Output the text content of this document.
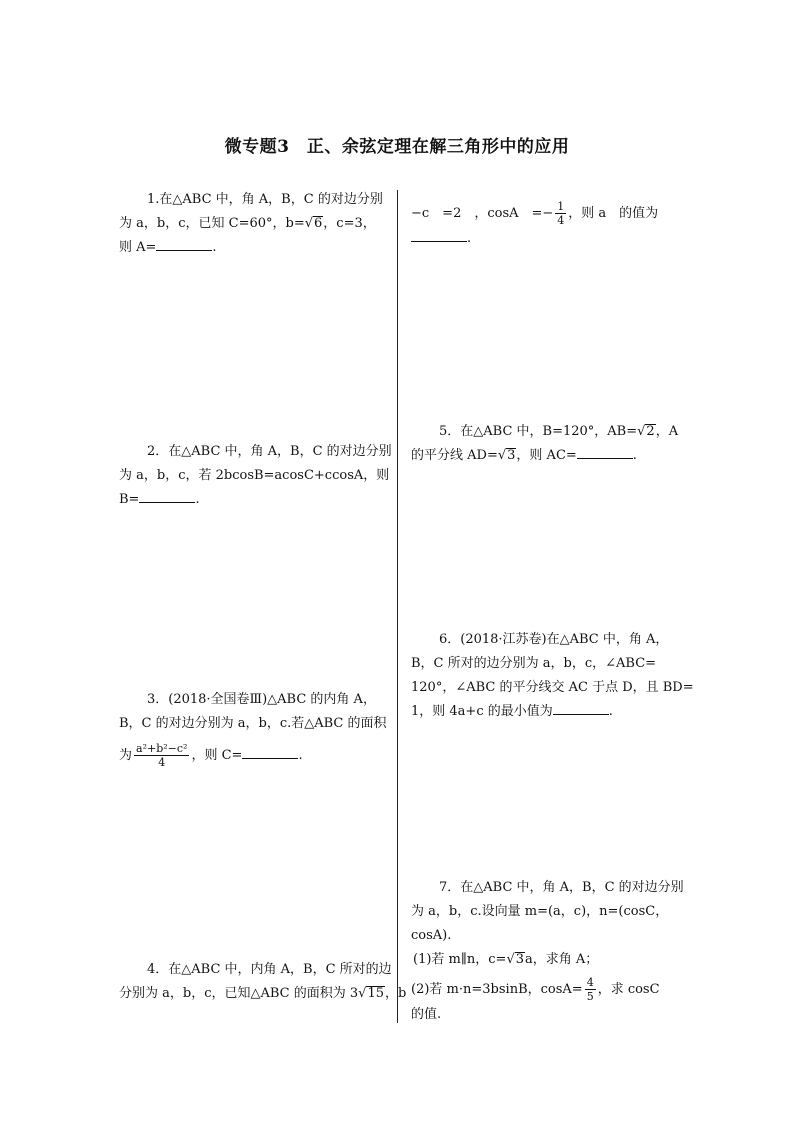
微专题3　正、余弦定理在解三角形中的应用
1.在△ABC 中，角 A，B，C 的对边分别
为 a，b，c，已知 C=60°，b=√6，c=3，
则 A=	.
2．在△ABC 中，角 A，B，C 的对边分别
为 a，b，c，若 2bcosB=acosC+ccosA，则
B=	.
3．(2018·全国卷Ⅲ)△ABC 的内角 A，
B，C 的对边分别为 a，b，c.若△ABC 的面积
为 $\frac{\text{a²+b²−c²}}{4}$ ，则 C=	.
4．在△ABC 中，内角 A，B，C 所对的边
分别为 a，b，c，已知△ABC 的面积为 3√15，b
−c　=2　，cosA　=− $\frac{1}{4}$ ，则 a　的值为
.
5．在△ABC 中，B=120°，AB=√2，A
的平分线 AD=√3，则 AC=	.
6．(2018·江苏卷)在△ABC 中，角 A，
B，C 所对的边分别为 a，b，c，∠ABC=
120°，∠ABC 的平分线交 AC 于点 D，且 BD=
1，则 4a+c 的最小值为	.
7．在△ABC 中，角 A，B，C 的对边分别
为 a，b，c.设向量 m=(a，c)，n=(cosC，
cosA).
(1)若 m∥n，c=√3a，求角 A；
(2)若 m·n=3bsinB，$\cos A= \frac{4}{5}$ ，求 cosC
的值.
